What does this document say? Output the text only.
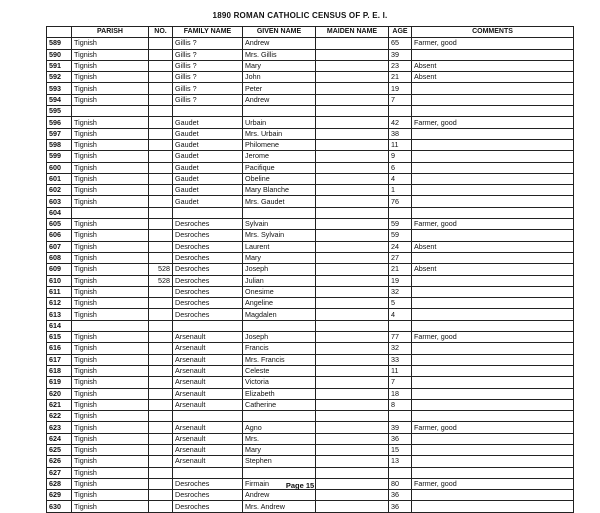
1890 ROMAN CATHOLIC CENSUS OF P. E. I.
	PARISH	NO.	FAMILY NAME	GIVEN NAME	MAIDEN NAME	AGE	COMMENTS
589	Tignish		Gillis ?	Andrew		65	Farmer, good
590	Tignish		Gillis ?	Mrs. Gillis		39	
591	Tignish		Gillis ?	Mary		23	Absent
592	Tignish		Gillis ?	John		21	Absent
593	Tignish		Gillis ?	Peter		19	
594	Tignish		Gillis ?	Andrew		7	
595							
596	Tignish		Gaudet	Urbain		42	Farmer, good
597	Tignish		Gaudet	Mrs. Urbain		38	
598	Tignish		Gaudet	Philomene		11	
599	Tignish		Gaudet	Jerome		9	
600	Tignish		Gaudet	Pacifique		6	
601	Tignish		Gaudet	Obeline		4	
602	Tignish		Gaudet	Mary Blanche		1	
603	Tignish		Gaudet	Mrs. Gaudet		76	
604							
605	Tignish		Desroches	Sylvain		59	Farmer, good
606	Tignish		Desroches	Mrs. Sylvain		59	
607	Tignish		Desroches	Laurent		24	Absent
608	Tignish		Desroches	Mary		27	
609	Tignish	528	Desroches	Joseph		21	Absent
610	Tignish	528	Desroches	Julian		19	
611	Tignish		Desroches	Onesime		32	
612	Tignish		Desroches	Angeline		5	
613	Tignish		Desroches	Magdalen		4	
614							
615	Tignish		Arsenault	Joseph		77	Farmer, good
616	Tignish		Arsenault	Francis		32	
617	Tignish		Arsenault	Mrs. Francis		33	
618	Tignish		Arsenault	Celeste		11	
619	Tignish		Arsenault	Victoria		7	
620	Tignish		Arsenault	Elizabeth		18	
621	Tignish		Arsenault	Catherine		8	
622	Tignish						
623	Tignish		Arsenault	Agno		39	Farmer, good
624	Tignish		Arsenault	Mrs.		36	
625	Tignish		Arsenault	Mary		15	
626	Tignish		Arsenault	Stephen		13	
627	Tignish						
628	Tignish		Desroches	Firmain		80	Farmer, good
629	Tignish		Desroches	Andrew		36	
630	Tignish		Desroches	Mrs. Andrew		36	
Page 15
